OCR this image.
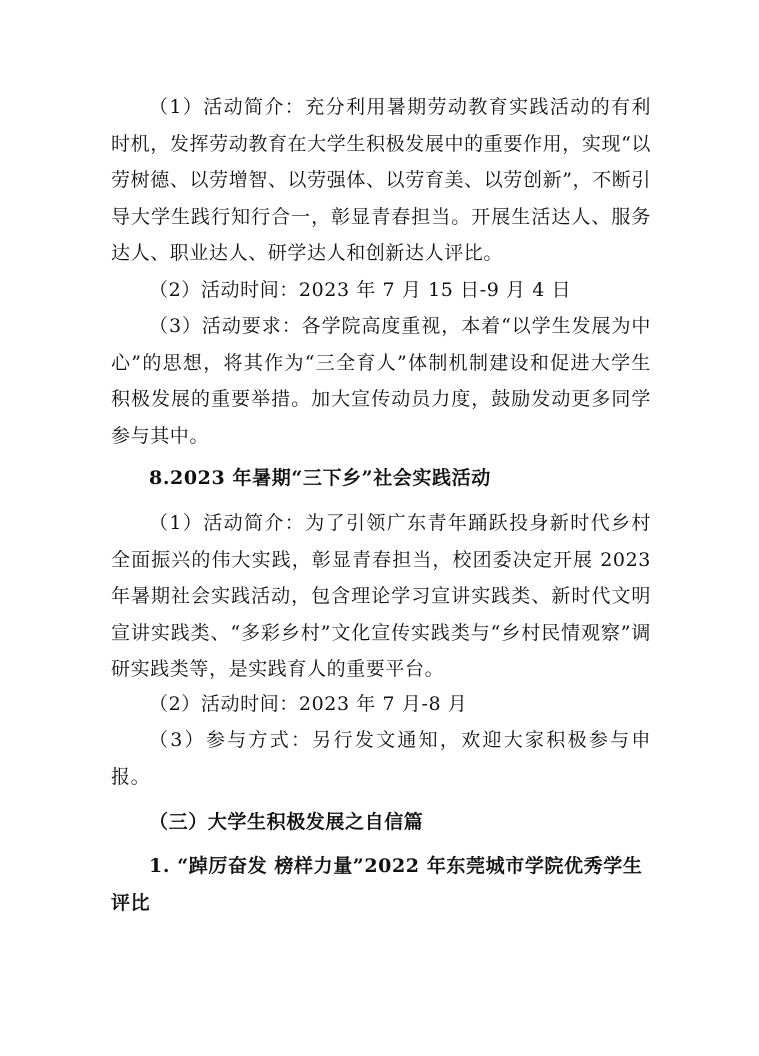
（1）活动简介：充分利用暑期劳动教育实践活动的有利时机，发挥劳动教育在大学生积极发展中的重要作用，实现“以劳树德、以劳增智、以劳强体、以劳育美、以劳创新”，不断引导大学生践行知行合一，彰显青春担当。开展生活达人、服务达人、职业达人、研学达人和创新达人评比。

（2）活动时间：2023 年 7 月 15 日-9 月 4 日

（3）活动要求：各学院高度重视，本着“以学生发展为中心”的思想，将其作为“三全育人”体制机制建设和促进大学生积极发展的重要举措。加大宣传动员力度，鼓励发动更多同学参与其中。

8.2023 年暑期“三下乡”社会实践活动

（1）活动简介：为了引领广东青年踊跃投身新时代乡村全面振兴的伟大实践，彰显青春担当，校团委决定开展 2023 年暑期社会实践活动，包含理论学习宣讲实践类、新时代文明宣讲实践类、“多彩乡村”文化宣传实践类与“乡村民情观察”调研实践类等，是实践育人的重要平台。

（2）活动时间：2023 年 7 月-8 月

（3）参与方式：另行发文通知，欢迎大家积极参与申报。

（三）大学生积极发展之自信篇
1. “踔厉奋发 榜样力量”2022 年东莞城市学院优秀学生评比
